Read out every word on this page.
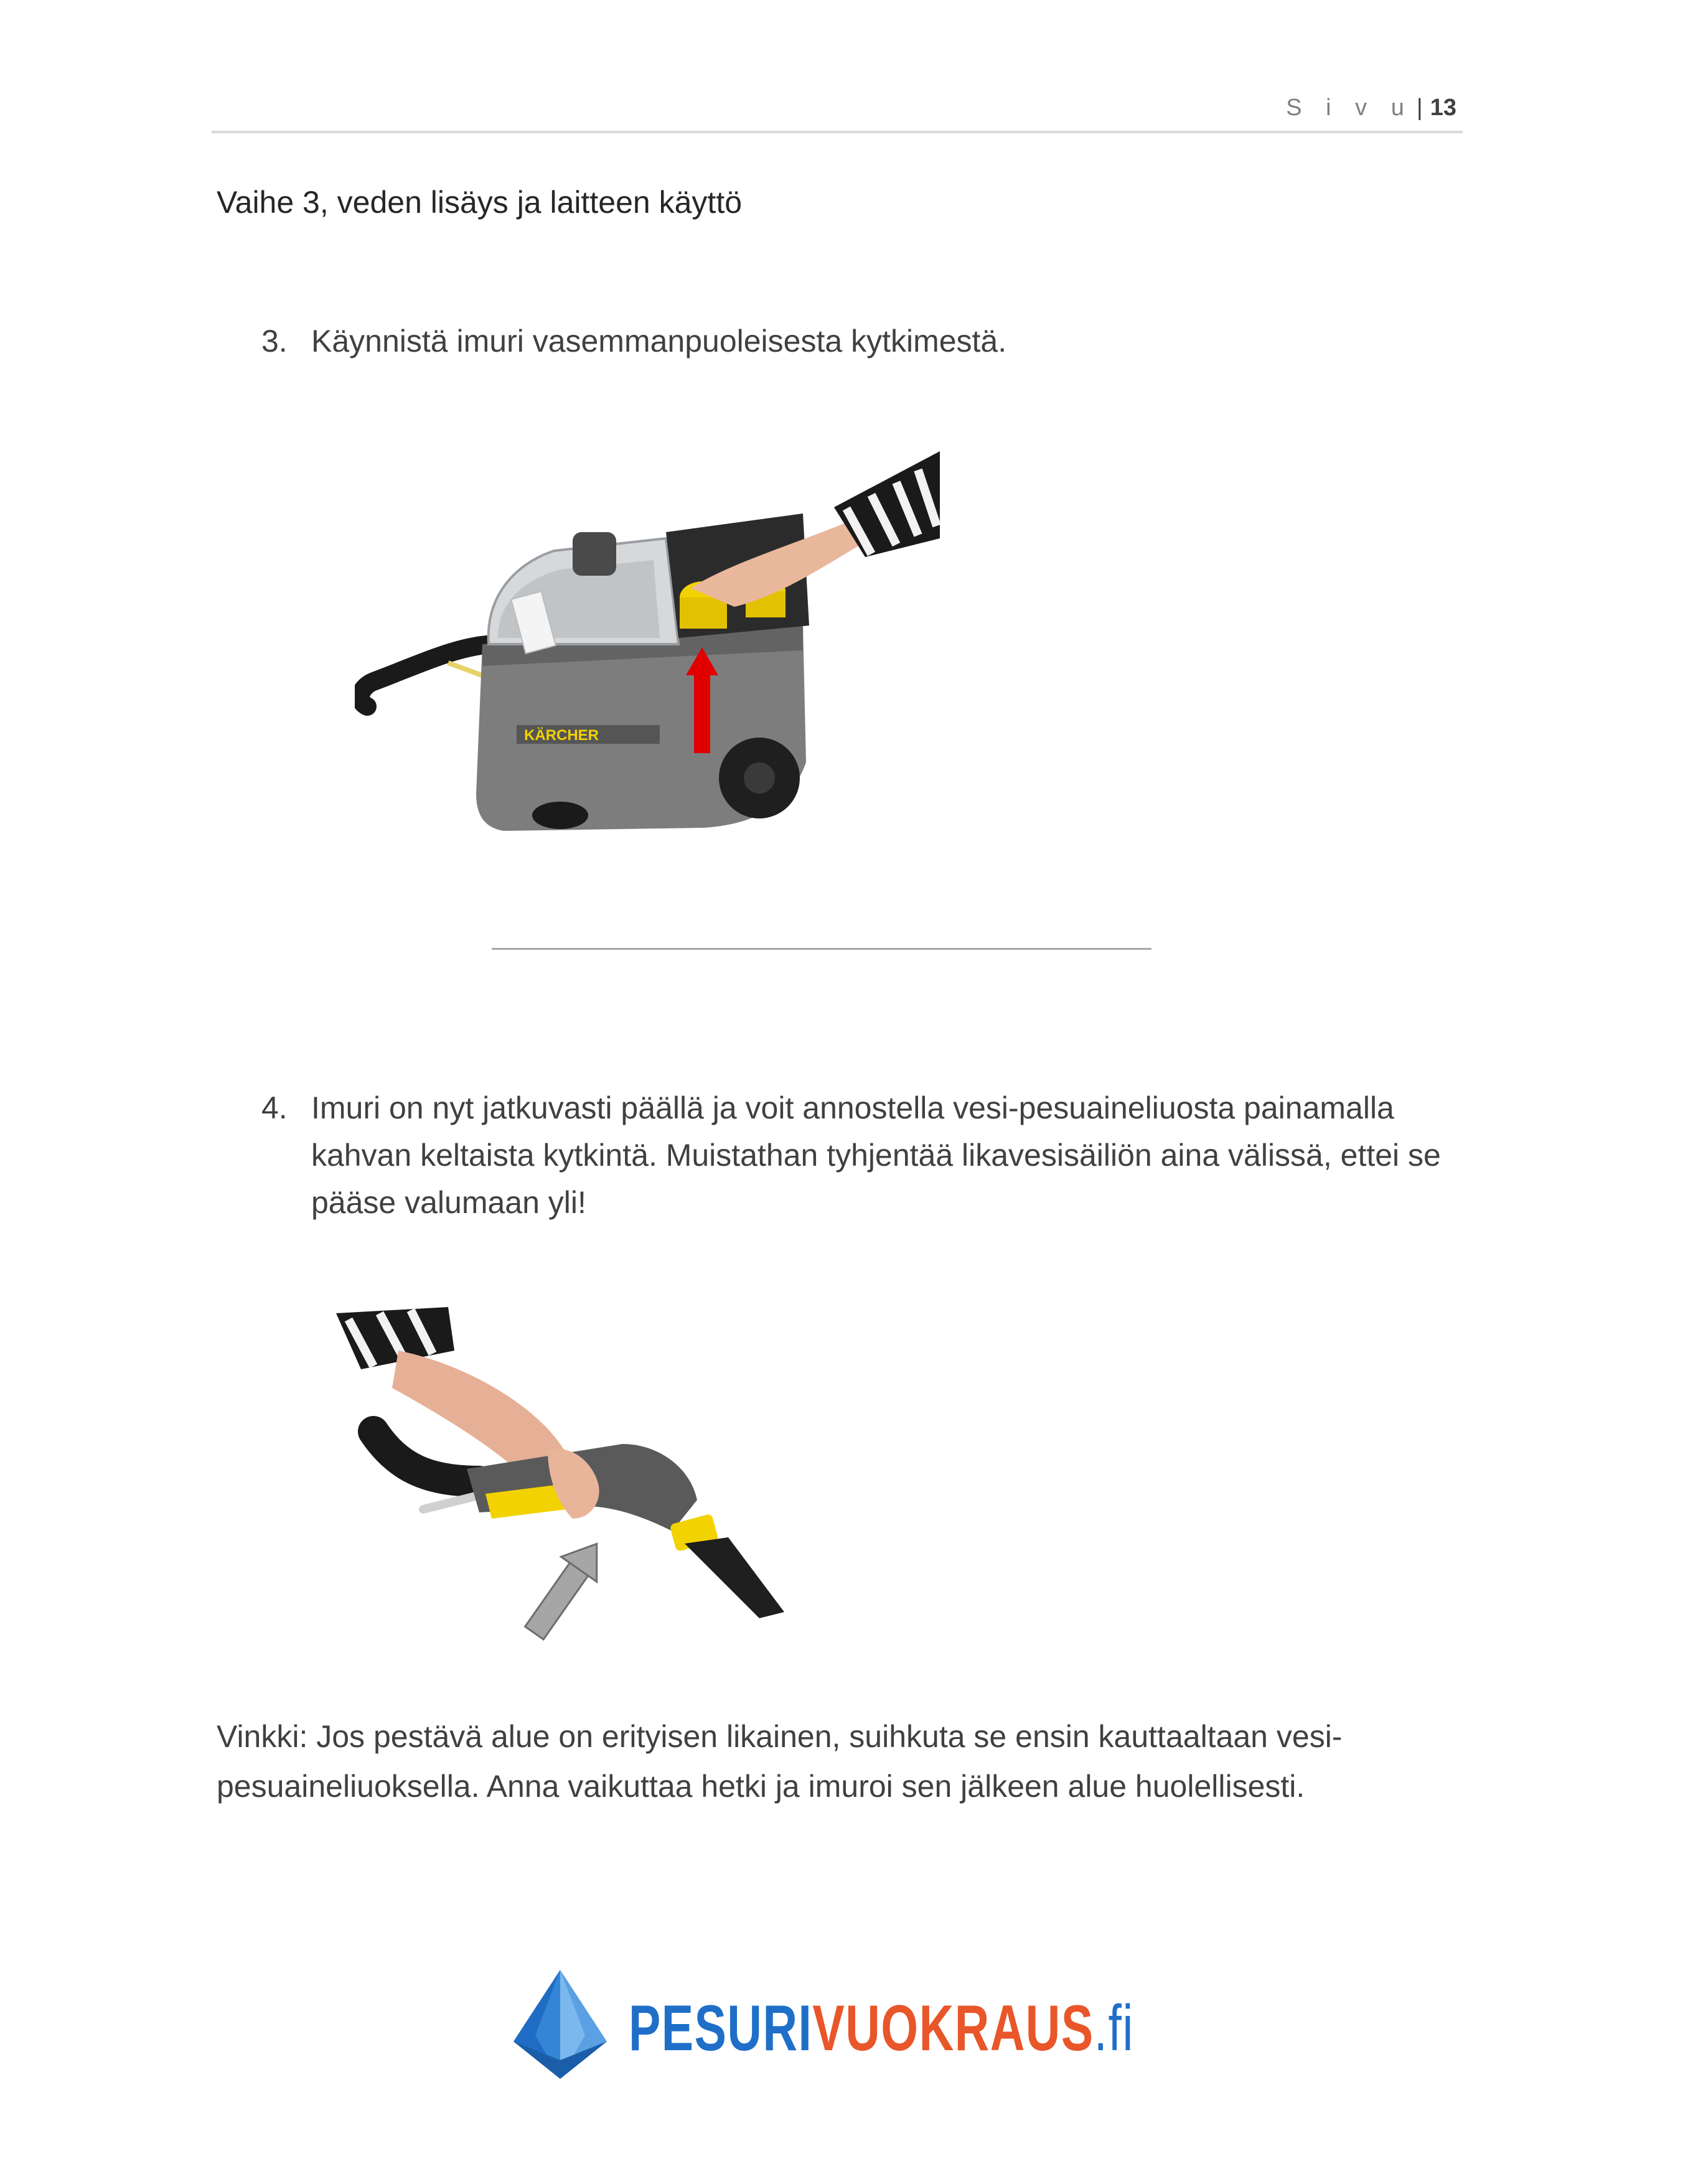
S i v u | 13
Vaihe 3, veden lisäys ja laitteen käyttö
3. Käynnistä imuri vasemmanpuoleisesta kytkimestä.
KÄRCHER
4. Imuri on nyt jatkuvasti päällä ja voit annostella vesi-pesuaineliuosta painamalla kahvan keltaista kytkintä. Muistathan tyhjentää likavesisäiliön aina välissä, ettei se pääse valumaan yli!
Vinkki: Jos pestävä alue on erityisen likainen, suihkuta se ensin kauttaaltaan vesi-pesuaineliuoksella. Anna vaikuttaa hetki ja imuroi sen jälkeen alue huolellisesti.
PESURIVUOKRAUS.fi
